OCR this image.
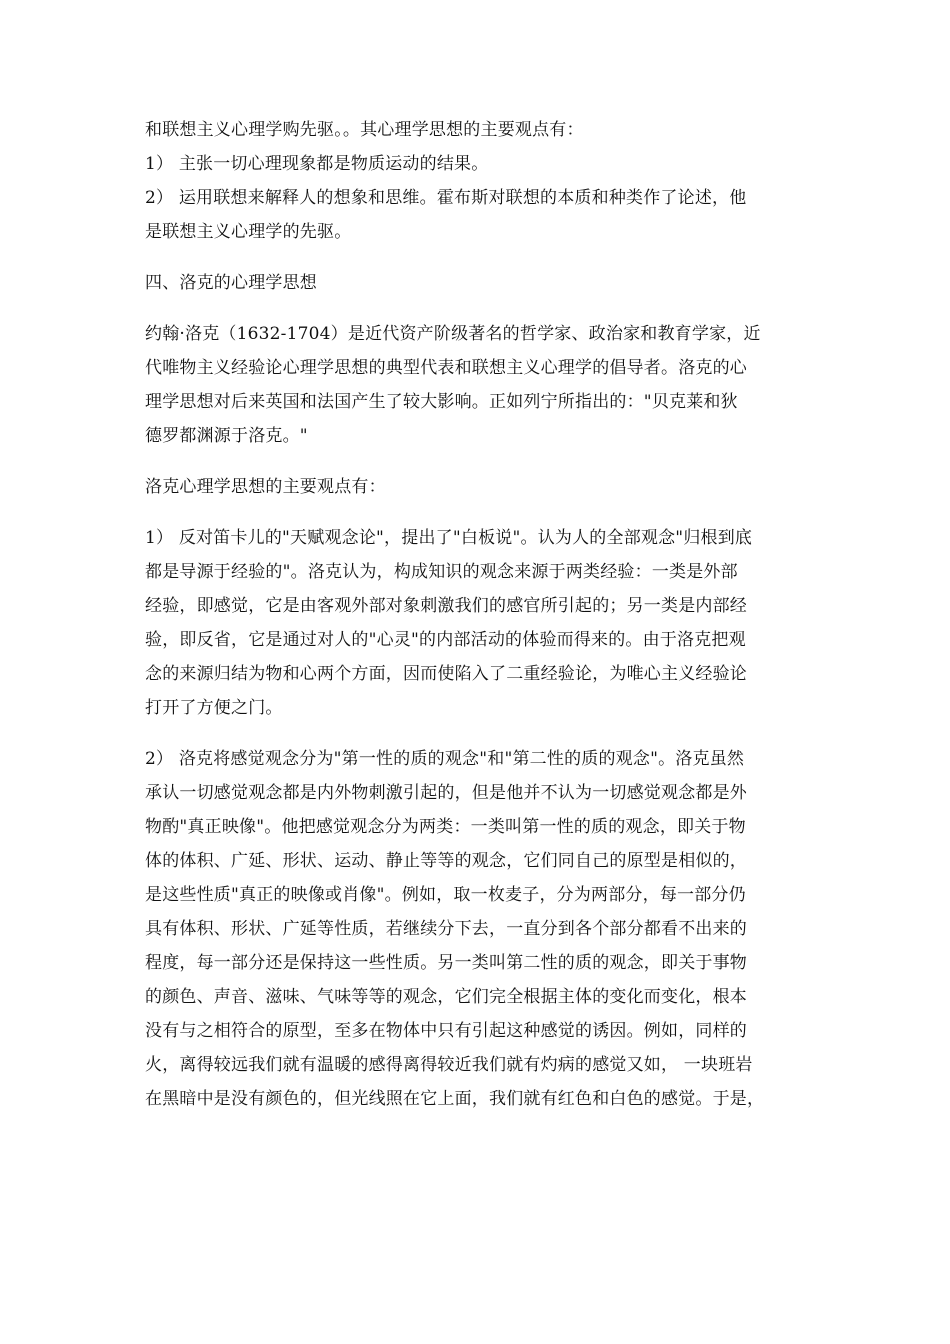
和联想主义心理学购先驱。。其心理学思想的主要观点有：
1） 主张一切心理现象都是物质运动的结果。
2） 运用联想来解释人的想象和思维。霍布斯对联想的本质和种类作了论述，他
是联想主义心理学的先驱。

四、洛克的心理学思想

约翰·洛克（1632-1704）是近代资产阶级著名的哲学家、政治家和教育学家，近
代唯物主义经验论心理学思想的典型代表和联想主义心理学的倡导者。洛克的心
理学思想对后来英国和法国产生了较大影响。正如列宁所指出的："贝克莱和狄
德罗都渊源于洛克。"

洛克心理学思想的主要观点有：

1） 反对笛卡儿的"天赋观念论"，提出了"白板说"。认为人的全部观念"归根到底
都是导源于经验的"。洛克认为，构成知识的观念来源于两类经验：一类是外部
经验，即感觉，它是由客观外部对象刺激我们的感官所引起的；另一类是内部经
验，即反省，它是通过对人的"心灵"的内部活动的体验而得来的。由于洛克把观
念的来源归结为物和心两个方面，因而使陷入了二重经验论，为唯心主义经验论
打开了方便之门。

2） 洛克将感觉观念分为"第一性的质的观念"和"第二性的质的观念"。洛克虽然
承认一切感觉观念都是内外物刺激引起的，但是他并不认为一切感觉观念都是外
物酌"真正映像"。他把感觉观念分为两类：一类叫第一性的质的观念，即关于物
体的体积、广延、形状、运动、静止等等的观念，它们同自己的原型是相似的，
是这些性质"真正的映像或肖像"。例如，取一枚麦子，分为两部分，每一部分仍
具有体积、形状、广延等性质，若继续分下去，一直分到各个部分都看不出来的
程度，每一部分还是保持这一些性质。另一类叫第二性的质的观念，即关于事物
的颜色、声音、滋味、气味等等的观念，它们完全根据主体的变化而变化，根本
没有与之相符合的原型，至多在物体中只有引起这种感觉的诱因。例如，同样的
火，离得较远我们就有温暖的感得离得较近我们就有灼病的感觉又如， 一块班岩
在黑暗中是没有颜色的，但光线照在它上面，我们就有红色和白色的感觉。于是，
